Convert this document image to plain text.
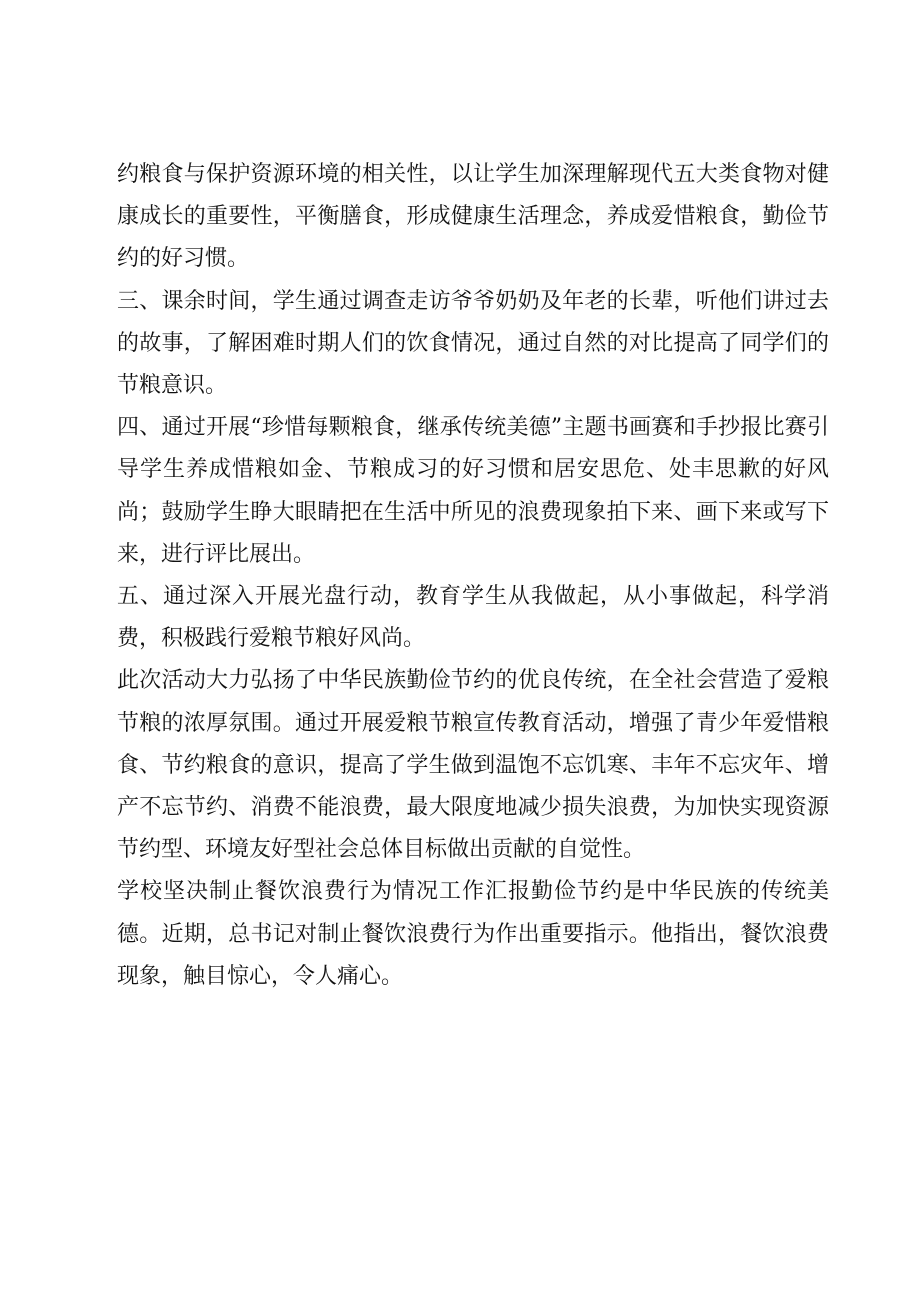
约粮食与保护资源环境的相关性，以让学生加深理解现代五大类食物对健康成长的重要性，平衡膳食，形成健康生活理念，养成爱惜粮食，勤俭节约的好习惯。

三、课余时间，学生通过调查走访爷爷奶奶及年老的长辈，听他们讲过去的故事，了解困难时期人们的饮食情况，通过自然的对比提高了同学们的节粮意识。

四、通过开展“珍惜每颗粮食，继承传统美德”主题书画赛和手抄报比赛引导学生养成惜粮如金、节粮成习的好习惯和居安思危、处丰思歉的好风尚；鼓励学生睁大眼睛把在生活中所见的浪费现象拍下来、画下来或写下来，进行评比展出。

五、通过深入开展光盘行动，教育学生从我做起，从小事做起，科学消费，积极践行爱粮节粮好风尚。

此次活动大力弘扬了中华民族勤俭节约的优良传统，在全社会营造了爱粮节粮的浓厚氛围。通过开展爱粮节粮宣传教育活动，增强了青少年爱惜粮食、节约粮食的意识，提高了学生做到温饱不忘饥寒、丰年不忘灾年、增产不忘节约、消费不能浪费，最大限度地减少损失浪费，为加快实现资源节约型、环境友好型社会总体目标做出贡献的自觉性。

学校坚决制止餐饮浪费行为情况工作汇报勤俭节约是中华民族的传统美德。近期，总书记对制止餐饮浪费行为作出重要指示。他指出，餐饮浪费现象，触目惊心，令人痛心。
